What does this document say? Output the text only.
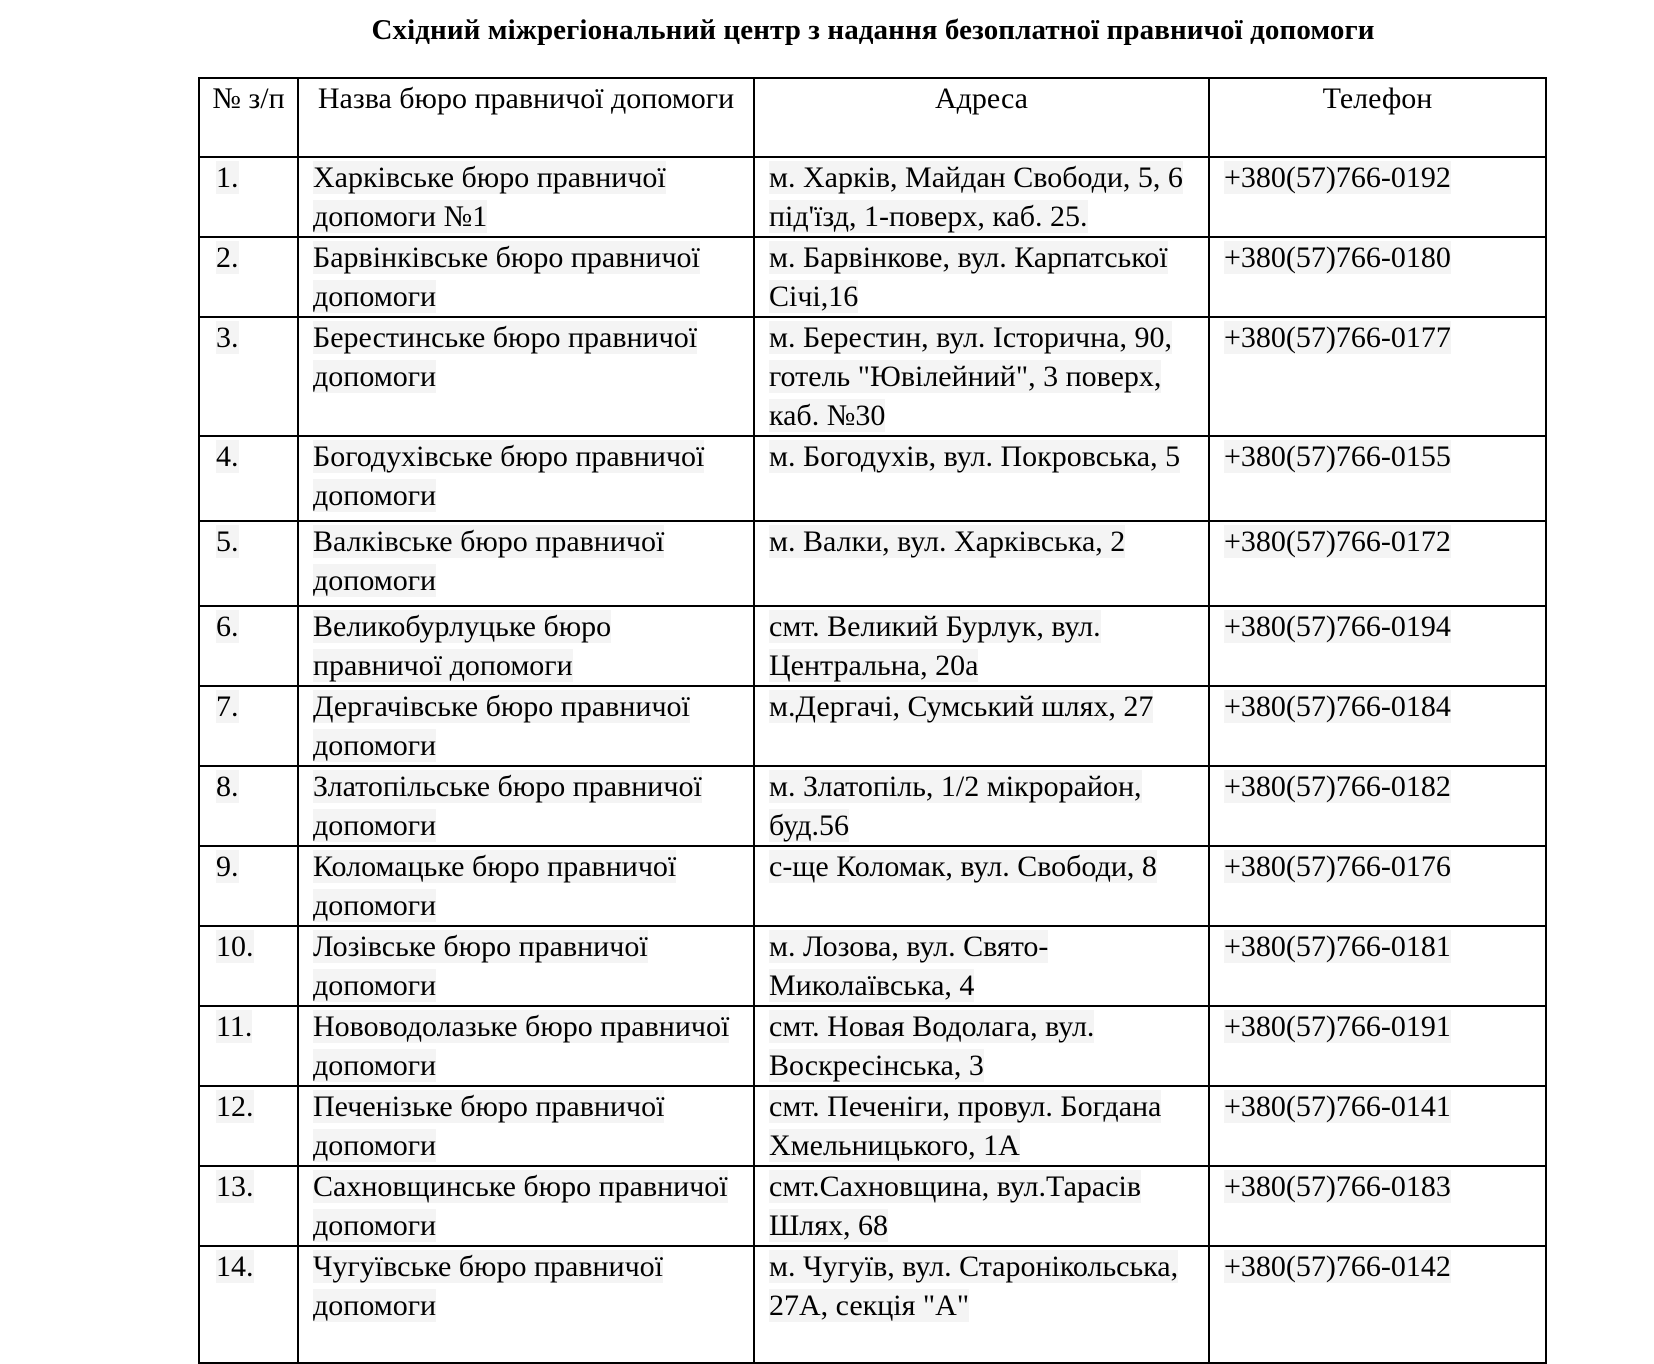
Східний міжрегіональний центр з надання безоплатної правничої допомоги
№ з/п	Назва бюро правничої допомоги	Адреса	Телефон
1.	Харківське бюро правничої допомоги №1	м. Харків, Майдан Свободи, 5, 6 під'їзд, 1-поверх, каб. 25.	+380(57)766-0192
2.	Барвінківське бюро правничої допомоги	м. Барвінкове, вул. Карпатської Січі,16	+380(57)766-0180
3.	Берестинське бюро правничої допомоги	м. Берестин, вул. Історична, 90, готель "Ювілейний", 3 поверх, каб. №30	+380(57)766-0177
4.	Богодухівське бюро правничої допомоги	м. Богодухів, вул. Покровська, 5	+380(57)766-0155
5.	Валківське бюро правничої допомоги	м. Валки, вул. Харківська, 2	+380(57)766-0172
6.	Великобурлуцьке бюро правничої допомоги	смт. Великий Бурлук, вул. Центральна, 20а	+380(57)766-0194
7.	Дергачівське бюро правничої допомоги	м.Дергачі, Сумський шлях, 27	+380(57)766-0184
8.	Златопільське бюро правничої допомоги	м. Златопіль, 1/2 мікрорайон, буд.56	+380(57)766-0182
9.	Коломацьке бюро правничої допомоги	с-ще Коломак, вул. Свободи, 8	+380(57)766-0176
10.	Лозівське бюро правничої допомоги	м. Лозова, вул. Свято-Миколаївська, 4	+380(57)766-0181
11.	Нововодолазьке бюро правничої допомоги	смт. Новая Водолага, вул. Воскресінська, 3	+380(57)766-0191
12.	Печенізьке бюро правничої допомоги	смт. Печеніги, провул. Богдана Хмельницького, 1А	+380(57)766-0141
13.	Сахновщинське бюро правничої допомоги	смт.Сахновщина, вул.Тарасів Шлях, 68	+380(57)766-0183
14.	Чугуївське бюро правничої допомоги	м. Чугуїв, вул. Старонікольська, 27А, секція "А"	+380(57)766-0142
